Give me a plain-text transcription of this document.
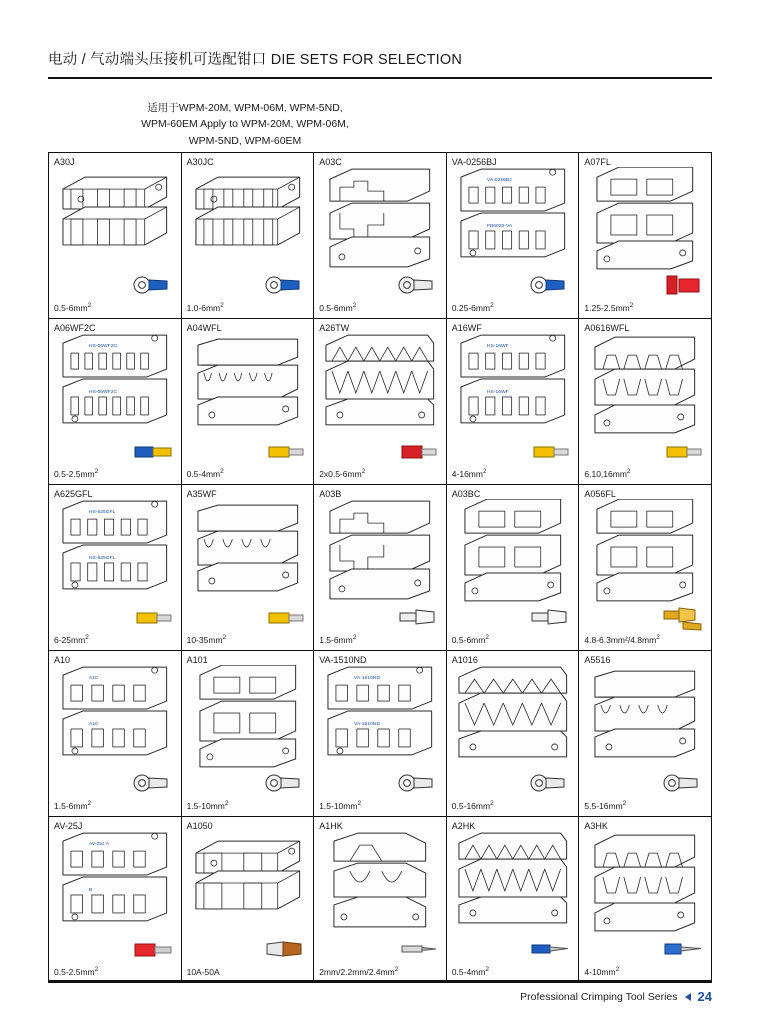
电动 / 气动端头压接机可选配钳口 DIE SETS FOR SELECTION
适用于WPM-20M, WPM-06M, WPM-5ND,
WPM-60EM Apply to WPM-20M, WPM-06M,
WPM-5ND, WPM-60EM
A30J
$0.5-6mm^2$
A30JC
$1.0-6mm^2$
A03C
$0.5-6mm^2$
VA-0256BJ
VA-0256BJ
FB6020-VA
$0.25-6mm^2$
A07FL
$1.25-2.5mm^2$
A06WF2C
HS-06WF2C
HS-06WF2C
$0.5-2.5mm^2$
A04WFL
$0.5-4mm^2$
A26TW
$2x0.5-6mm^2$
A16WF
HS-16WF
HS-16WF
$4-16mm^2$
A0616WFL
$6,10,16mm^2$
A625GFL
HS-625GFL
HS-625GFL
$6-25mm^2$
A35WF
$10-35mm^2$
A03B
$1.5-6mm^2$
A03BC
$0.5-6mm^2$
A056FL
$4.8-6.3mm^2/4.8mm^2$
A10
A10
A10
$1.5-6mm^2$
A101
$1.5-10mm^2$
VA-1510ND
VA-1510ND
VA-1510ND
$1.5-10mm^2$
A1016
$0.5-16mm^2$
A5516
$5.5-16mm^2$
AV-25J
AV-25J A
B
$0.5-2.5mm^2$
A1050
10A-50A
A1HK
$2mm/2.2mm/2.4mm^2$
A2HK
$0.5-4mm^2$
A3HK
$4-10mm^2$
Professional Crimping Tool Series 24
